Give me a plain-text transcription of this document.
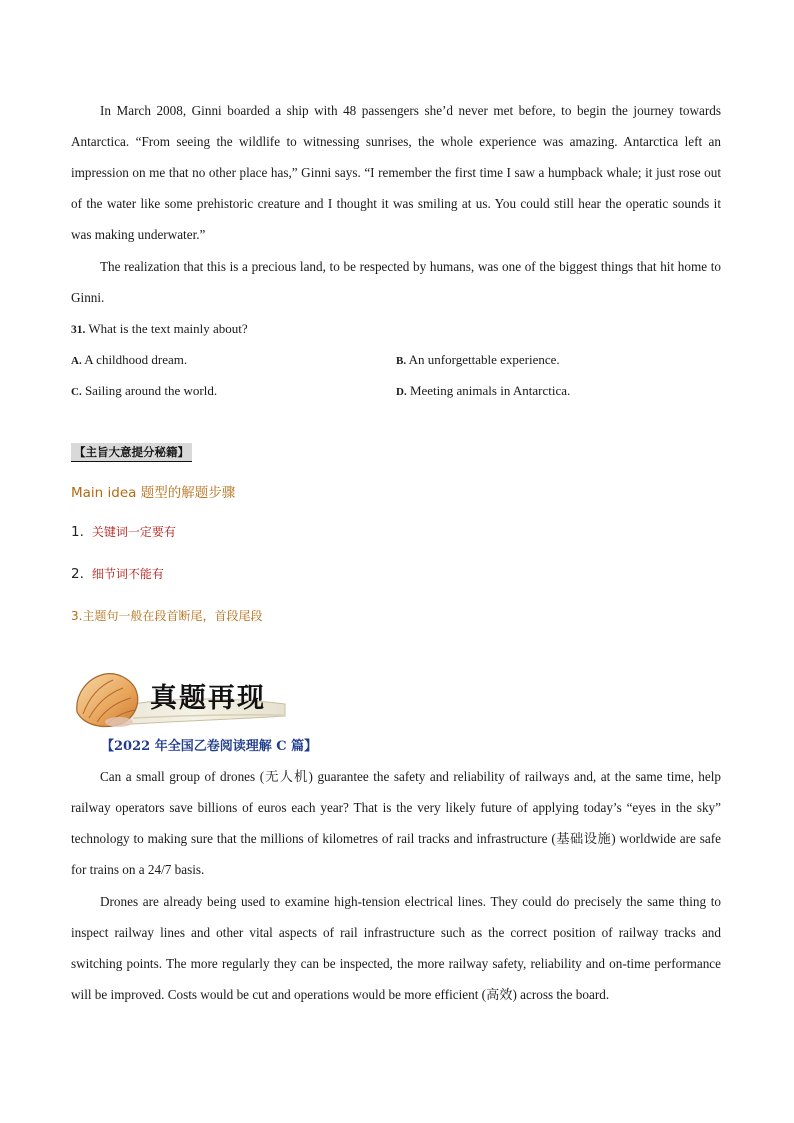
In March 2008, Ginni boarded a ship with 48 passengers she’d never met before, to begin the journey towards Antarctica. “From seeing the wildlife to witnessing sunrises, the whole experience was amazing. Antarctica left an impression on me that no other place has,” Ginni says. “I remember the first time I saw a humpback whale; it just rose out of the water like some prehistoric creature and I thought it was smiling at us. You could still hear the operatic sounds it was making underwater.”

The realization that this is a precious land, to be respected by humans, was one of the biggest things that hit home to Ginni.

31. What is the text mainly about?
A. A childhood dream.	B. An unforgettable experience.
C. Sailing around the world.	D. Meeting animals in Antarctica.
【主旨大意提分秘籍】
Main idea 题型的解题步骤
1. 关键词一定要有
2. 细节词不能有
3.主题句一般在段首断尾，首段尾段
真题再现
【2022 年全国乙卷阅读理解 C 篇】

Can a small group of drones (无人机) guarantee the safety and reliability of railways and, at the same time, help railway operators save billions of euros each year? That is the very likely future of applying today’s “eyes in the sky” technology to making sure that the millions of kilometres of rail tracks and infrastructure (基础设施) worldwide are safe for trains on a 24/7 basis.

Drones are already being used to examine high-tension electrical lines. They could do precisely the same thing to inspect railway lines and other vital aspects of rail infrastructure such as the correct position of railway tracks and switching points. The more regularly they can be inspected, the more railway safety, reliability and on-time performance will be improved. Costs would be cut and operations would be more efficient (高效) across the board.
